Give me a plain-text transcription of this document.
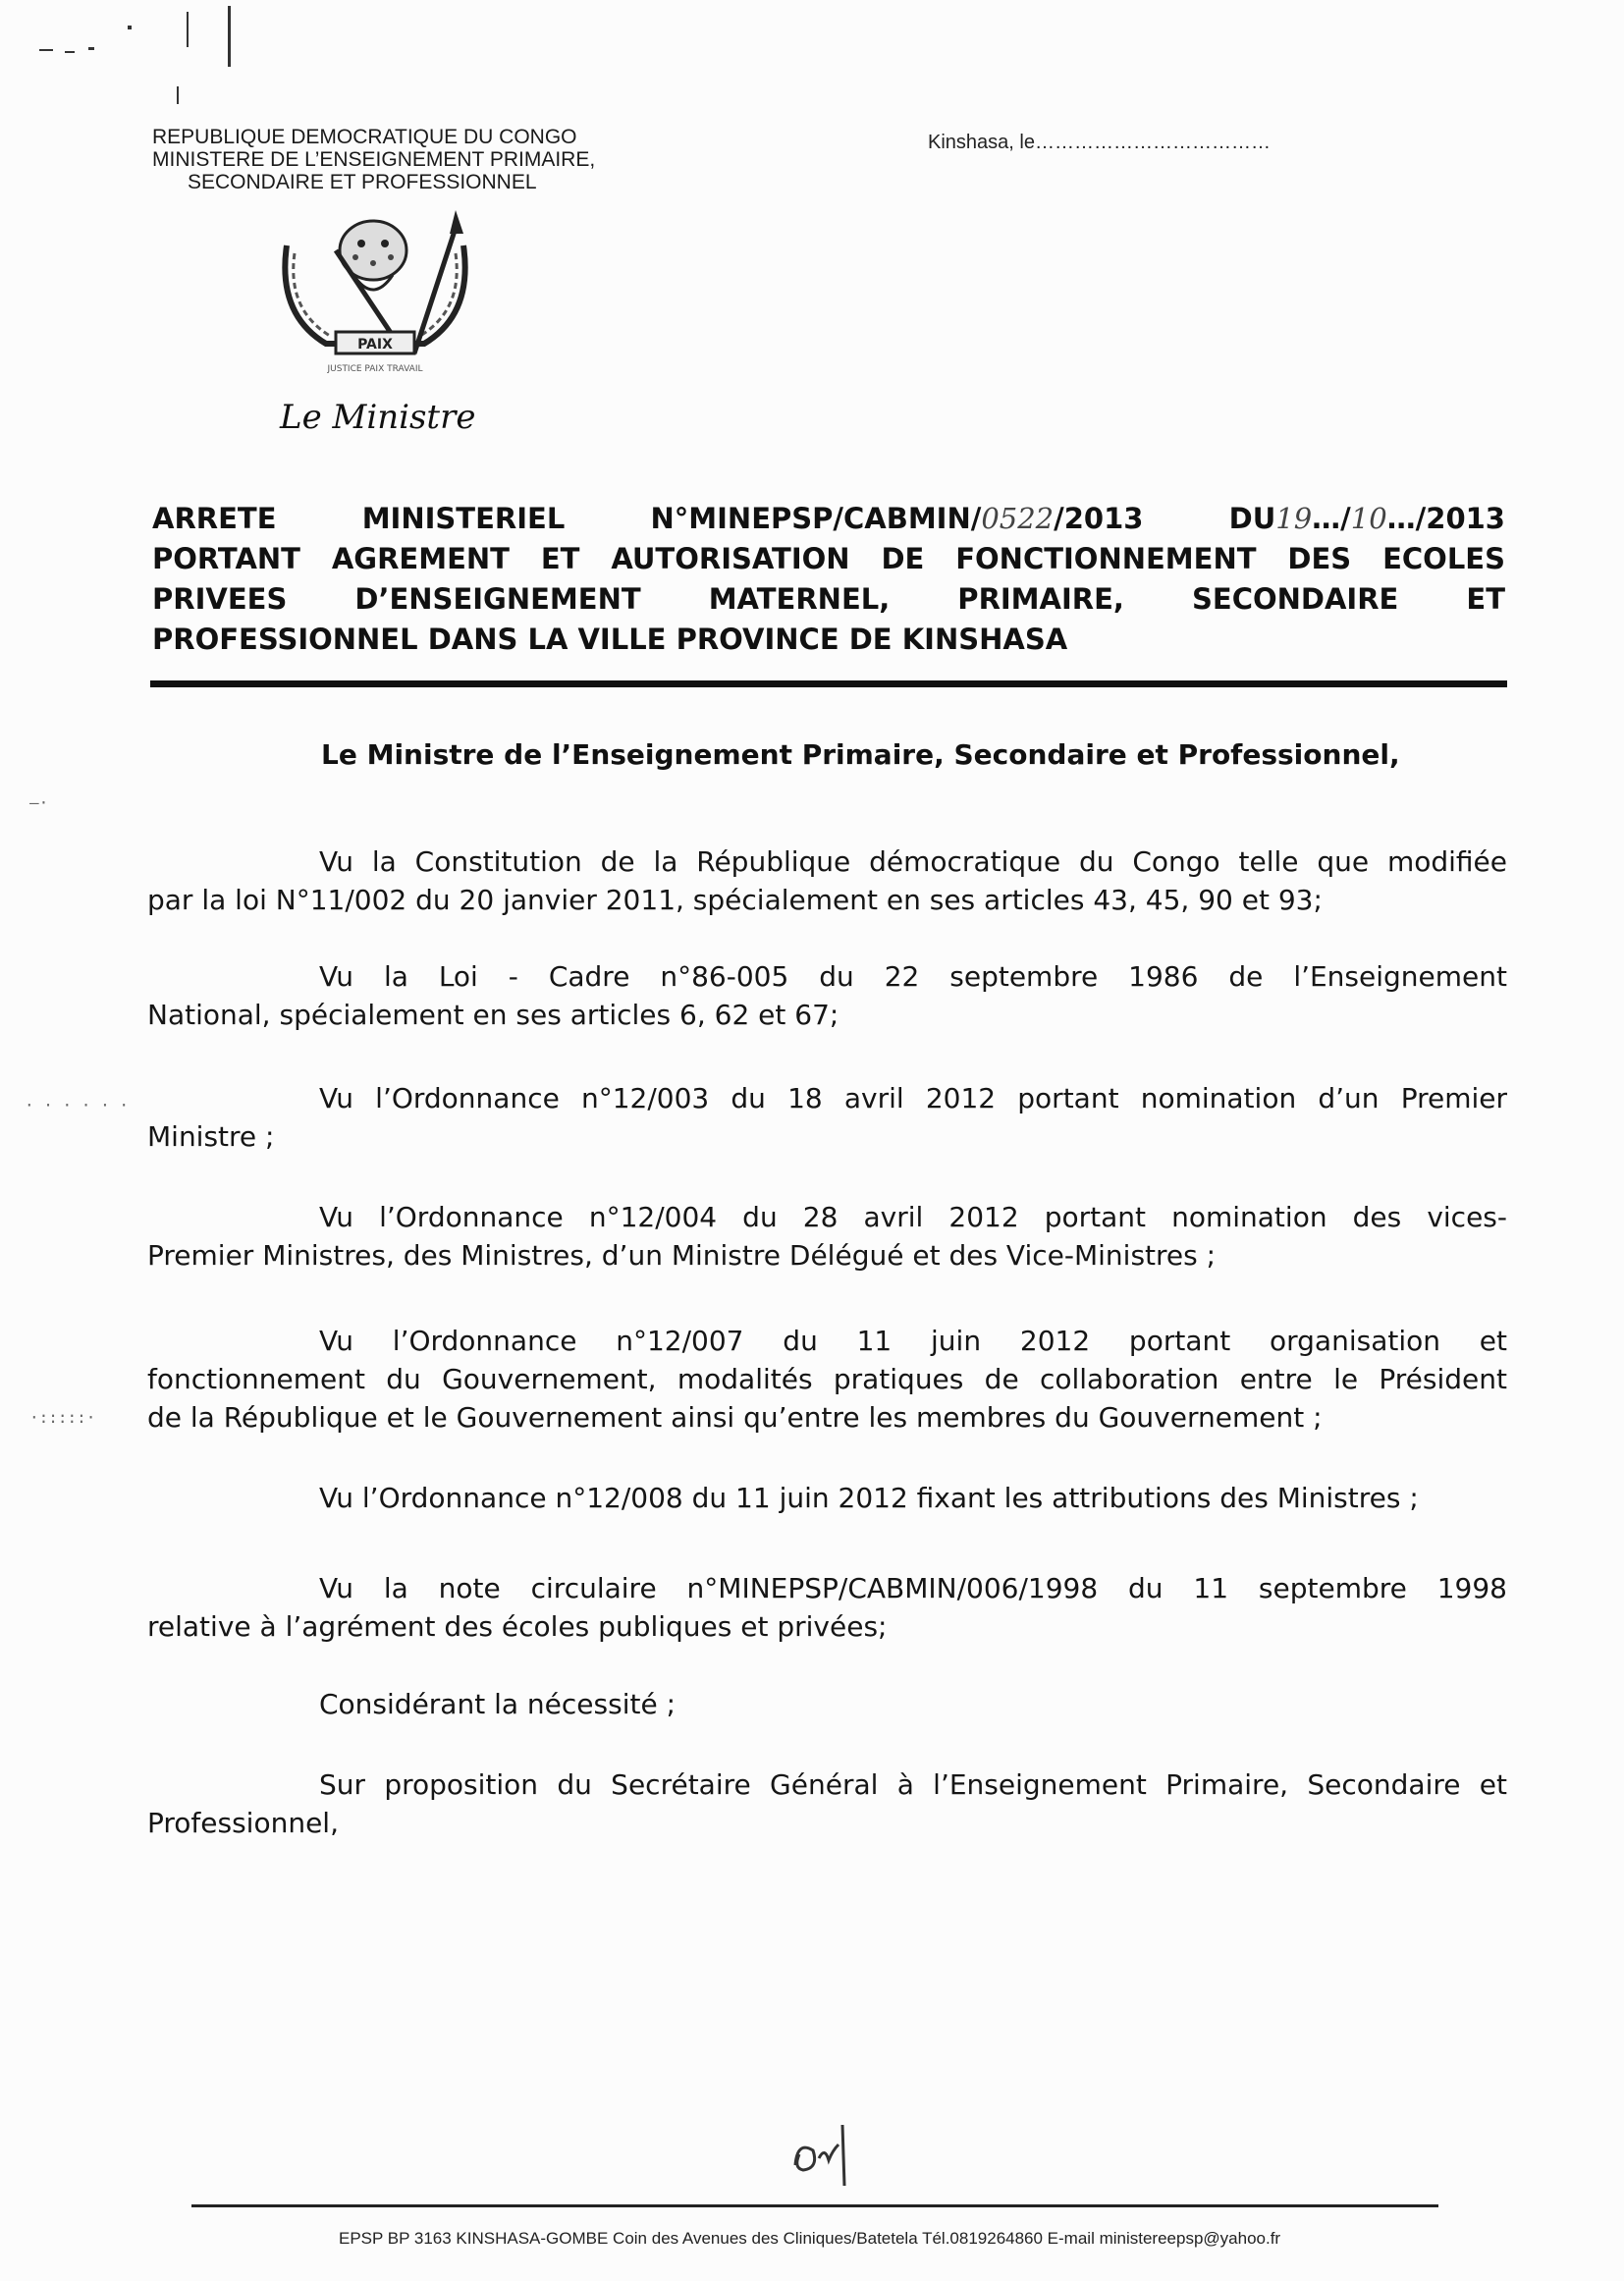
REPUBLIQUE DEMOCRATIQUE DU CONGO
MINISTERE DE L’ENSEIGNEMENT PRIMAIRE,
SECONDAIRE ET PROFESSIONNEL
Kinshasa, le………………………………
PAIX
JUSTICE PAIX TRAVAIL
Le Ministre
ARRETE	MINISTERIEL	N°MINEPSP/CABMIN/0522/2013	DU19…/10…/2013
PORTANT AGREMENT ET AUTORISATION DE FONCTIONNEMENT DES ECOLES
PRIVEES D’ENSEIGNEMENT MATERNEL, PRIMAIRE, SECONDAIRE ET
PROFESSIONNEL DANS LA VILLE PROVINCE DE KINSHASA
Le Ministre de l’Enseignement Primaire, Secondaire et Professionnel,
Vu la Constitution de la République démocratique du Congo telle que modifiée
par la loi N°11/002 du 20 janvier 2011, spécialement en ses articles 43, 45, 90 et 93;
Vu la Loi - Cadre n°86-005 du 22 septembre 1986 de l’Enseignement
National, spécialement en ses articles 6, 62 et 67;
Vu l’Ordonnance n°12/003 du 18 avril 2012 portant nomination d’un Premier
Ministre ;
Vu l’Ordonnance n°12/004 du 28 avril 2012 portant nomination des vices-
Premier Ministres, des Ministres, d’un Ministre Délégué et des Vice-Ministres ;
Vu l’Ordonnance n°12/007 du 11 juin 2012 portant organisation et
fonctionnement du Gouvernement, modalités pratiques de collaboration entre le Président
de la République et le Gouvernement ainsi qu’entre les membres du Gouvernement ;
Vu l’Ordonnance n°12/008 du 11 juin 2012 fixant les attributions des Ministres ;
Vu la note circulaire n°MINEPSP/CABMIN/006/1998 du 11 septembre 1998
relative à l’agrément des écoles publiques et privées;
Considérant la nécessité ;
Sur proposition du Secrétaire Général à l’Enseignement Primaire, Secondaire et
Professionnel,
EPSP BP 3163 KINSHASA-GOMBE Coin des Avenues des Cliniques/Batetela Tél.0819264860 E-mail ministereepsp@yahoo.fr
—·
· · · · · ·
·:::::·
